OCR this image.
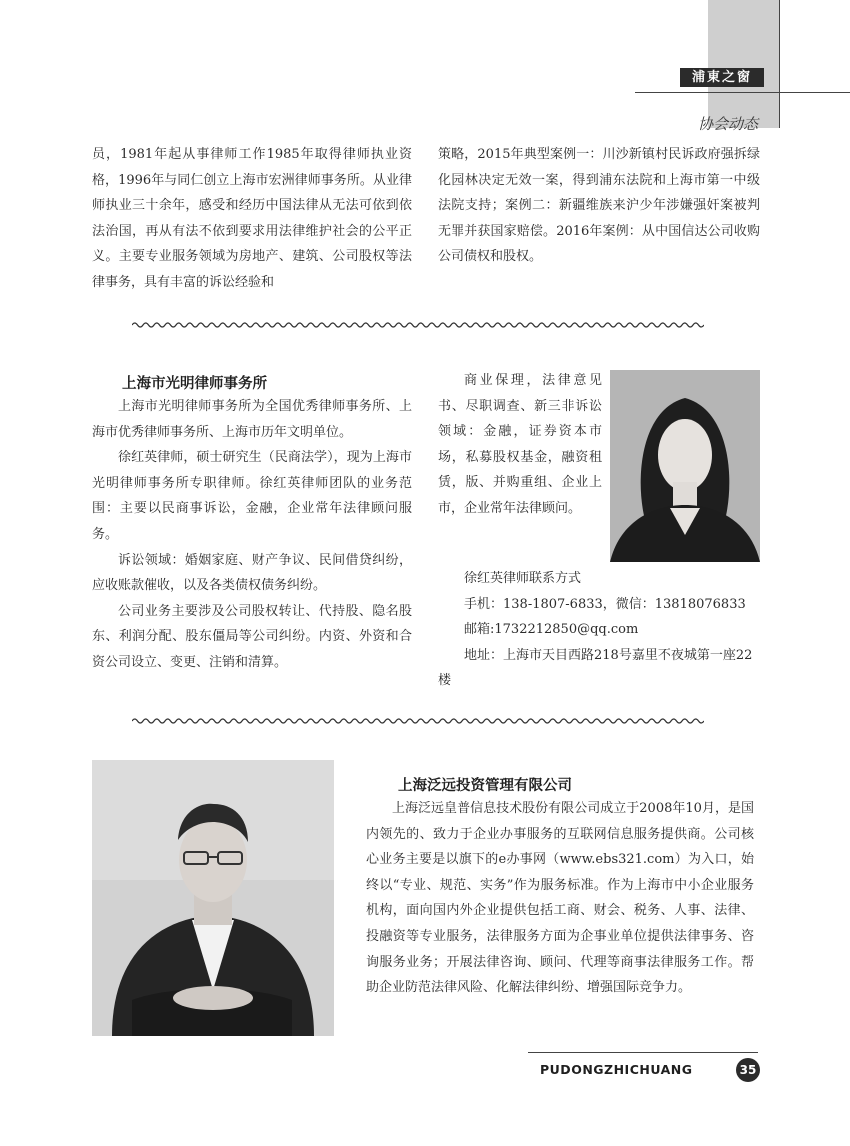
浦東之窗
协会动态

员，1981年起从事律师工作1985年取得律师执业资格，1996年与同仁创立上海市宏洲律师事务所。从业律师执业三十余年，感受和经历中国法律从无法可依到依法治国，再从有法不依到要求用法律维护社会的公平正义。主要专业服务领域为房地产、建筑、公司股权等法律事务，具有丰富的诉讼经验和

策略，2015年典型案例一：川沙新镇村民诉政府强拆绿化园林决定无效一案，得到浦东法院和上海市第一中级法院支持；案例二：新疆维族来沪少年涉嫌强奸案被判无罪并获国家赔偿。2016年案例：从中国信达公司收购公司债权和股权。

上海市光明律师事务所

上海市光明律师事务所为全国优秀律师事务所、上海市优秀律师事务所、上海市历年文明单位。

徐红英律师，硕士研究生（民商法学），现为上海市光明律师事务所专职律师。徐红英律师团队的业务范围：主要以民商事诉讼，金融，企业常年法律顾问服务。

诉讼领域：婚姻家庭、财产争议、民间借贷纠纷，应收账款催收，以及各类债权债务纠纷。

公司业务主要涉及公司股权转让、代持股、隐名股东、利润分配、股东僵局等公司纠纷。内资、外资和合资公司设立、变更、注销和清算。

商业保理，法律意见书、尽职调查、新三非诉讼领域：金融，证券资本市场，私募股权基金，融资租赁，版、并购重组、企业上市，企业常年法律顾问。

徐红英律师联系方式

手机：138-1807-6833，微信：13818076833

邮箱:1732212850@qq.com

地址：上海市天目西路218号嘉里不夜城第一座22楼

上海泛远投资管理有限公司

上海泛远皇普信息技术股份有限公司成立于2008年10月，是国内领先的、致力于企业办事服务的互联网信息服务提供商。公司核心业务主要是以旗下的e办事网（www.ebs321.com）为入口，始终以“专业、规范、实务”作为服务标准。作为上海市中小企业服务机构，面向国内外企业提供包括工商、财会、税务、人事、法律、投融资等专业服务，法律服务方面为企事业单位提供法律事务、咨询服务业务；开展法律咨询、顾问、代理等商事法律服务工作。帮助企业防范法律风险、化解法律纠纷、增强国际竞争力。

PUDONGZHICHUANG	35
